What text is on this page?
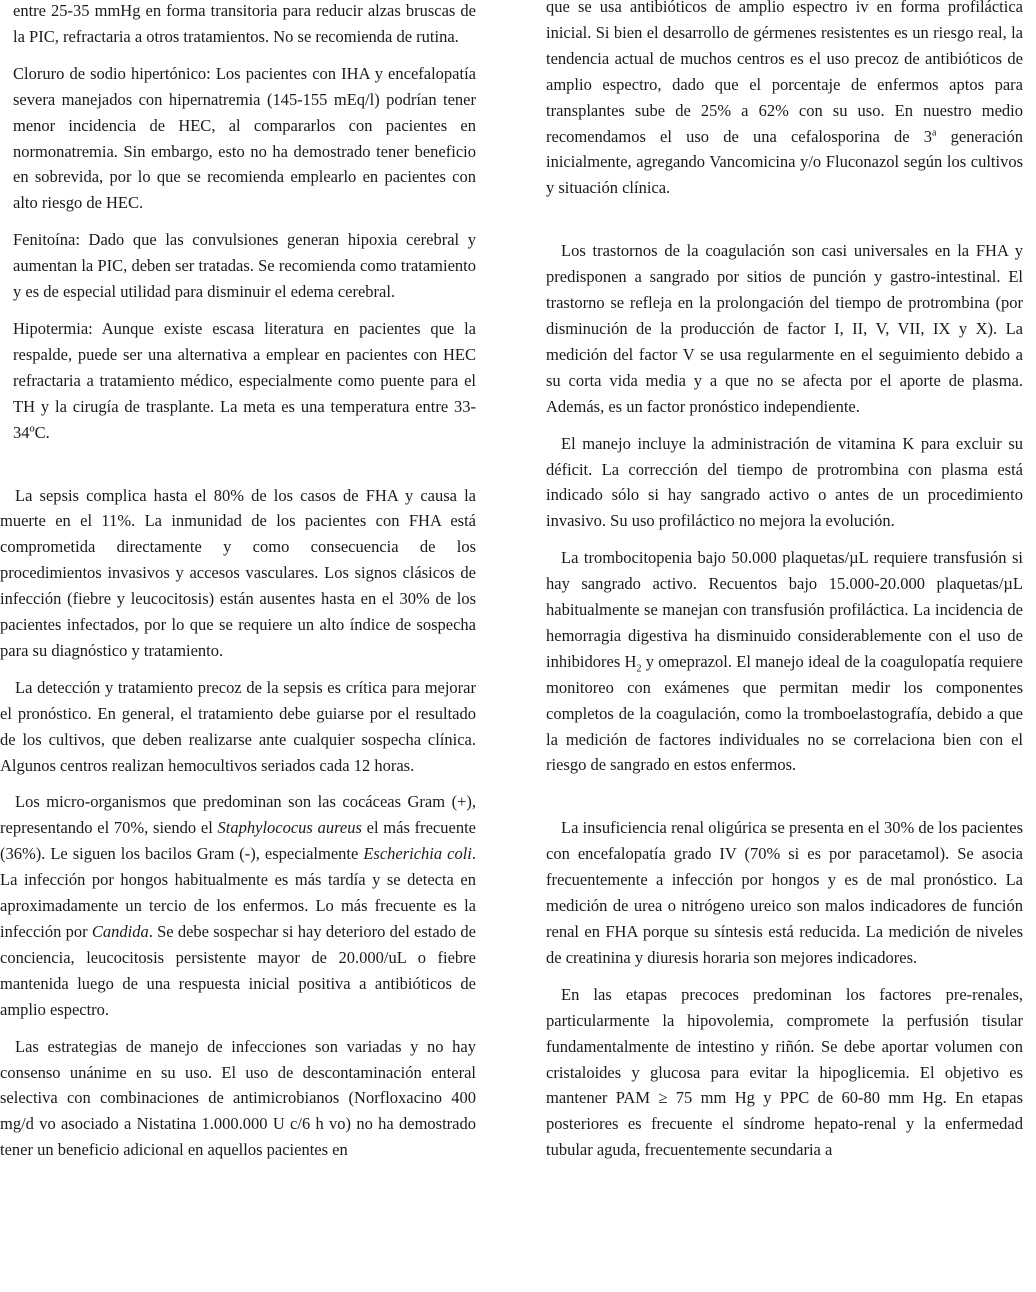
entre 25-35 mmHg en forma transitoria para reducir alzas bruscas de la PIC, refractaria a otros tratamientos. No se recomienda de rutina.

Cloruro de sodio hipertónico: Los pacientes con IHA y encefalopatía severa manejados con hipernatremia (145-155 mEq/l) podrían tener menor incidencia de HEC, al compararlos con pacientes en normonatremia. Sin embargo, esto no ha demostrado tener beneficio en sobrevida, por lo que se recomienda emplearlo en pacientes con alto riesgo de HEC.

Fenitoína: Dado que las convulsiones generan hipoxia cerebral y aumentan la PIC, deben ser tratadas. Se recomienda como tratamiento y es de especial utilidad para disminuir el edema cerebral.

Hipotermia: Aunque existe escasa literatura en pacientes que la respalde, puede ser una alternativa a emplear en pacientes con HEC refractaria a tratamiento médico, especialmente como puente para el TH y la cirugía de trasplante. La meta es una temperatura entre 33-34ºC.

La sepsis complica hasta el 80% de los casos de FHA y causa la muerte en el 11%. La inmunidad de los pacientes con FHA está comprometida directamente y como consecuencia de los procedimientos invasivos y accesos vasculares. Los signos clásicos de infección (fiebre y leucocitosis) están ausentes hasta en el 30% de los pacientes infectados, por lo que se requiere un alto índice de sospecha para su diagnóstico y tratamiento.

La detección y tratamiento precoz de la sepsis es crítica para mejorar el pronóstico. En general, el tratamiento debe guiarse por el resultado de los cultivos, que deben realizarse ante cualquier sospecha clínica. Algunos centros realizan hemocultivos seriados cada 12 horas.

Los micro-organismos que predominan son las cocáceas Gram (+), representando el 70%, siendo el Staphylococus aureus el más frecuente (36%). Le siguen los bacilos Gram (-), especialmente Escherichia coli. La infección por hongos habitualmente es más tardía y se detecta en aproximadamente un tercio de los enfermos. Lo más frecuente es la infección por Candida. Se debe sospechar si hay deterioro del estado de conciencia, leucocitosis persistente mayor de 20.000/uL o fiebre mantenida luego de una respuesta inicial positiva a antibióticos de amplio espectro.

Las estrategias de manejo de infecciones son variadas y no hay consenso unánime en su uso. El uso de descontaminación enteral selectiva con combinaciones de antimicrobianos (Norfloxacino 400 mg/d vo asociado a Nistatina 1.000.000 U c/6 h vo) no ha demostrado tener un beneficio adicional en aquellos pacientes en

que se usa antibióticos de amplio espectro iv en forma profiláctica inicial. Si bien el desarrollo de gérmenes resistentes es un riesgo real, la tendencia actual de muchos centros es el uso precoz de antibióticos de amplio espectro, dado que el porcentaje de enfermos aptos para transplantes sube de 25% a 62% con su uso. En nuestro medio recomendamos el uso de una cefalosporina de 3$^a$ generación inicialmente, agregando Vancomicina y/o Fluconazol según los cultivos y situación clínica.

Los trastornos de la coagulación son casi universales en la FHA y predisponen a sangrado por sitios de punción y gastro-intestinal. El trastorno se refleja en la prolongación del tiempo de protrombina (por disminución de la producción de factor I, II, V, VII, IX y X). La medición del factor V se usa regularmente en el seguimiento debido a su corta vida media y a que no se afecta por el aporte de plasma. Además, es un factor pronóstico independiente.

El manejo incluye la administración de vitamina K para excluir su déficit. La corrección del tiempo de protrombina con plasma está indicado sólo si hay sangrado activo o antes de un procedimiento invasivo. Su uso profiláctico no mejora la evolución.

La trombocitopenia bajo 50.000 plaquetas/µL requiere transfusión si hay sangrado activo. Recuentos bajo 15.000-20.000 plaquetas/µL habitualmente se manejan con transfusión profiláctica. La incidencia de hemorragia digestiva ha disminuido considerablemente con el uso de inhibidores $H_2$ y omeprazol. El manejo ideal de la coagulopatía requiere monitoreo con exámenes que permitan medir los componentes completos de la coagulación, como la tromboelastografía, debido a que la medición de factores individuales no se correlaciona bien con el riesgo de sangrado en estos enfermos.

La insuficiencia renal oligúrica se presenta en el 30% de los pacientes con encefalopatía grado IV (70% si es por paracetamol). Se asocia frecuentemente a infección por hongos y es de mal pronóstico. La medición de urea o nitrógeno ureico son malos indicadores de función renal en FHA porque su síntesis está reducida. La medición de niveles de creatinina y diuresis horaria son mejores indicadores.

En las etapas precoces predominan los factores pre-renales, particularmente la hipovolemia, compromete la perfusión tisular fundamentalmente de intestino y riñón. Se debe aportar volumen con cristaloides y glucosa para evitar la hipoglicemia. El objetivo es mantener PAM ≥ 75 mm Hg y PPC de 60-80 mm Hg. En etapas posteriores es frecuente el síndrome hepato-renal y la enfermedad tubular aguda, frecuentemente secundaria a
